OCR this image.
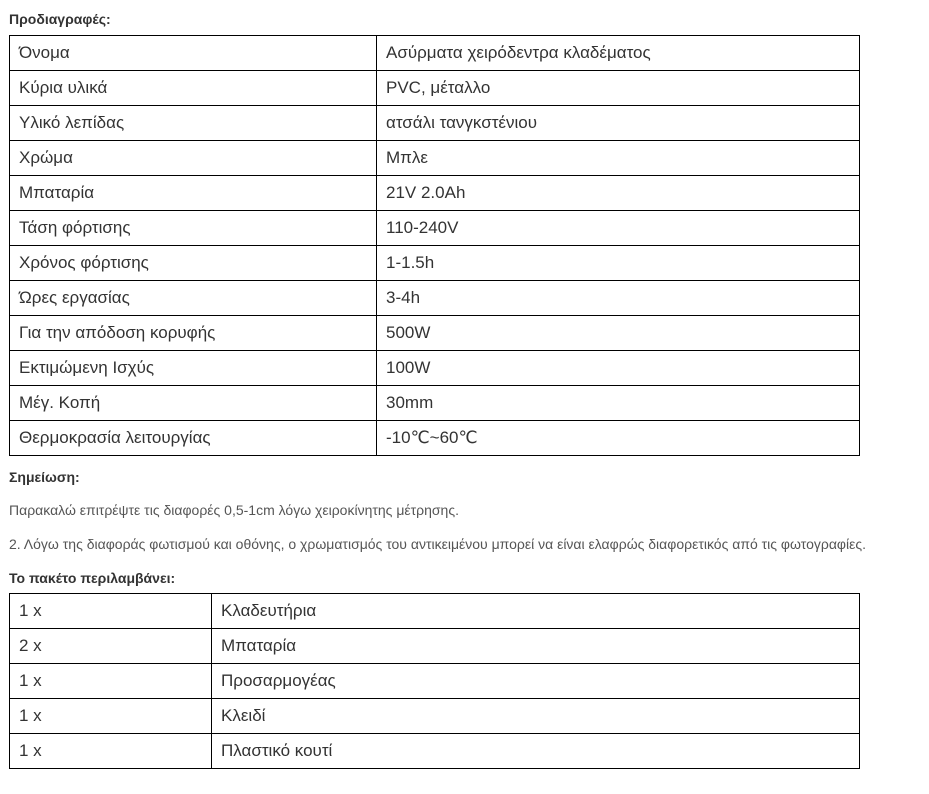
Προδιαγραφές:

Όνομα	Ασύρματα χειρόδεντρα κλαδέματος
Κύρια υλικά	PVC, μέταλλο
Υλικό λεπίδας	ατσάλι τανγκστένιου
Χρώμα	Μπλε
Μπαταρία	21V 2.0Ah
Τάση φόρτισης	110-240V
Χρόνος φόρτισης	1-1.5h
Ώρες εργασίας	3-4h
Για την απόδοση κορυφής	500W
Εκτιμώμενη Ισχύς	100W
Μέγ. Κοπή	30mm
Θερμοκρασία λειτουργίας	-10℃~60℃

Σημείωση:

Παρακαλώ επιτρέψτε τις διαφορές 0,5-1cm λόγω χειροκίνητης μέτρησης.

2. Λόγω της διαφοράς φωτισμού και οθόνης, ο χρωματισμός του αντικειμένου μπορεί να είναι ελαφρώς διαφορετικός από τις φωτογραφίες.

Το πακέτο περιλαμβάνει:

1 x	Κλαδευτήρια
2 x	Μπαταρία
1 x	Προσαρμογέας
1 x	Κλειδί
1 x	Πλαστικό κουτί
